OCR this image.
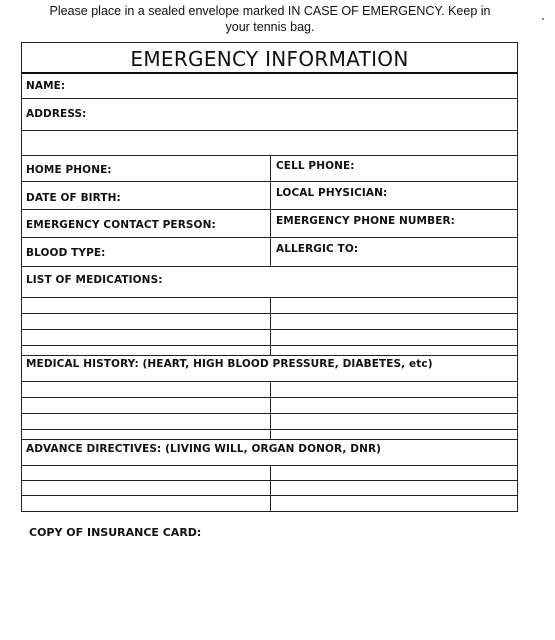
Please place in a sealed envelope marked IN CASE OF EMERGENCY. Keep in
your tennis bag.
EMERGENCY INFORMATION
NAME:
ADDRESS:
HOME PHONE:	CELL PHONE:
DATE OF BIRTH:	LOCAL PHYSICIAN:
EMERGENCY CONTACT PERSON:	EMERGENCY PHONE NUMBER:
BLOOD TYPE:	ALLERGIC TO:
LIST OF MEDICATIONS:
MEDICAL HISTORY: (HEART, HIGH BLOOD PRESSURE, DIABETES, etc)
ADVANCE DIRECTIVES: (LIVING WILL, ORGAN DONOR, DNR)
COPY OF INSURANCE CARD:
